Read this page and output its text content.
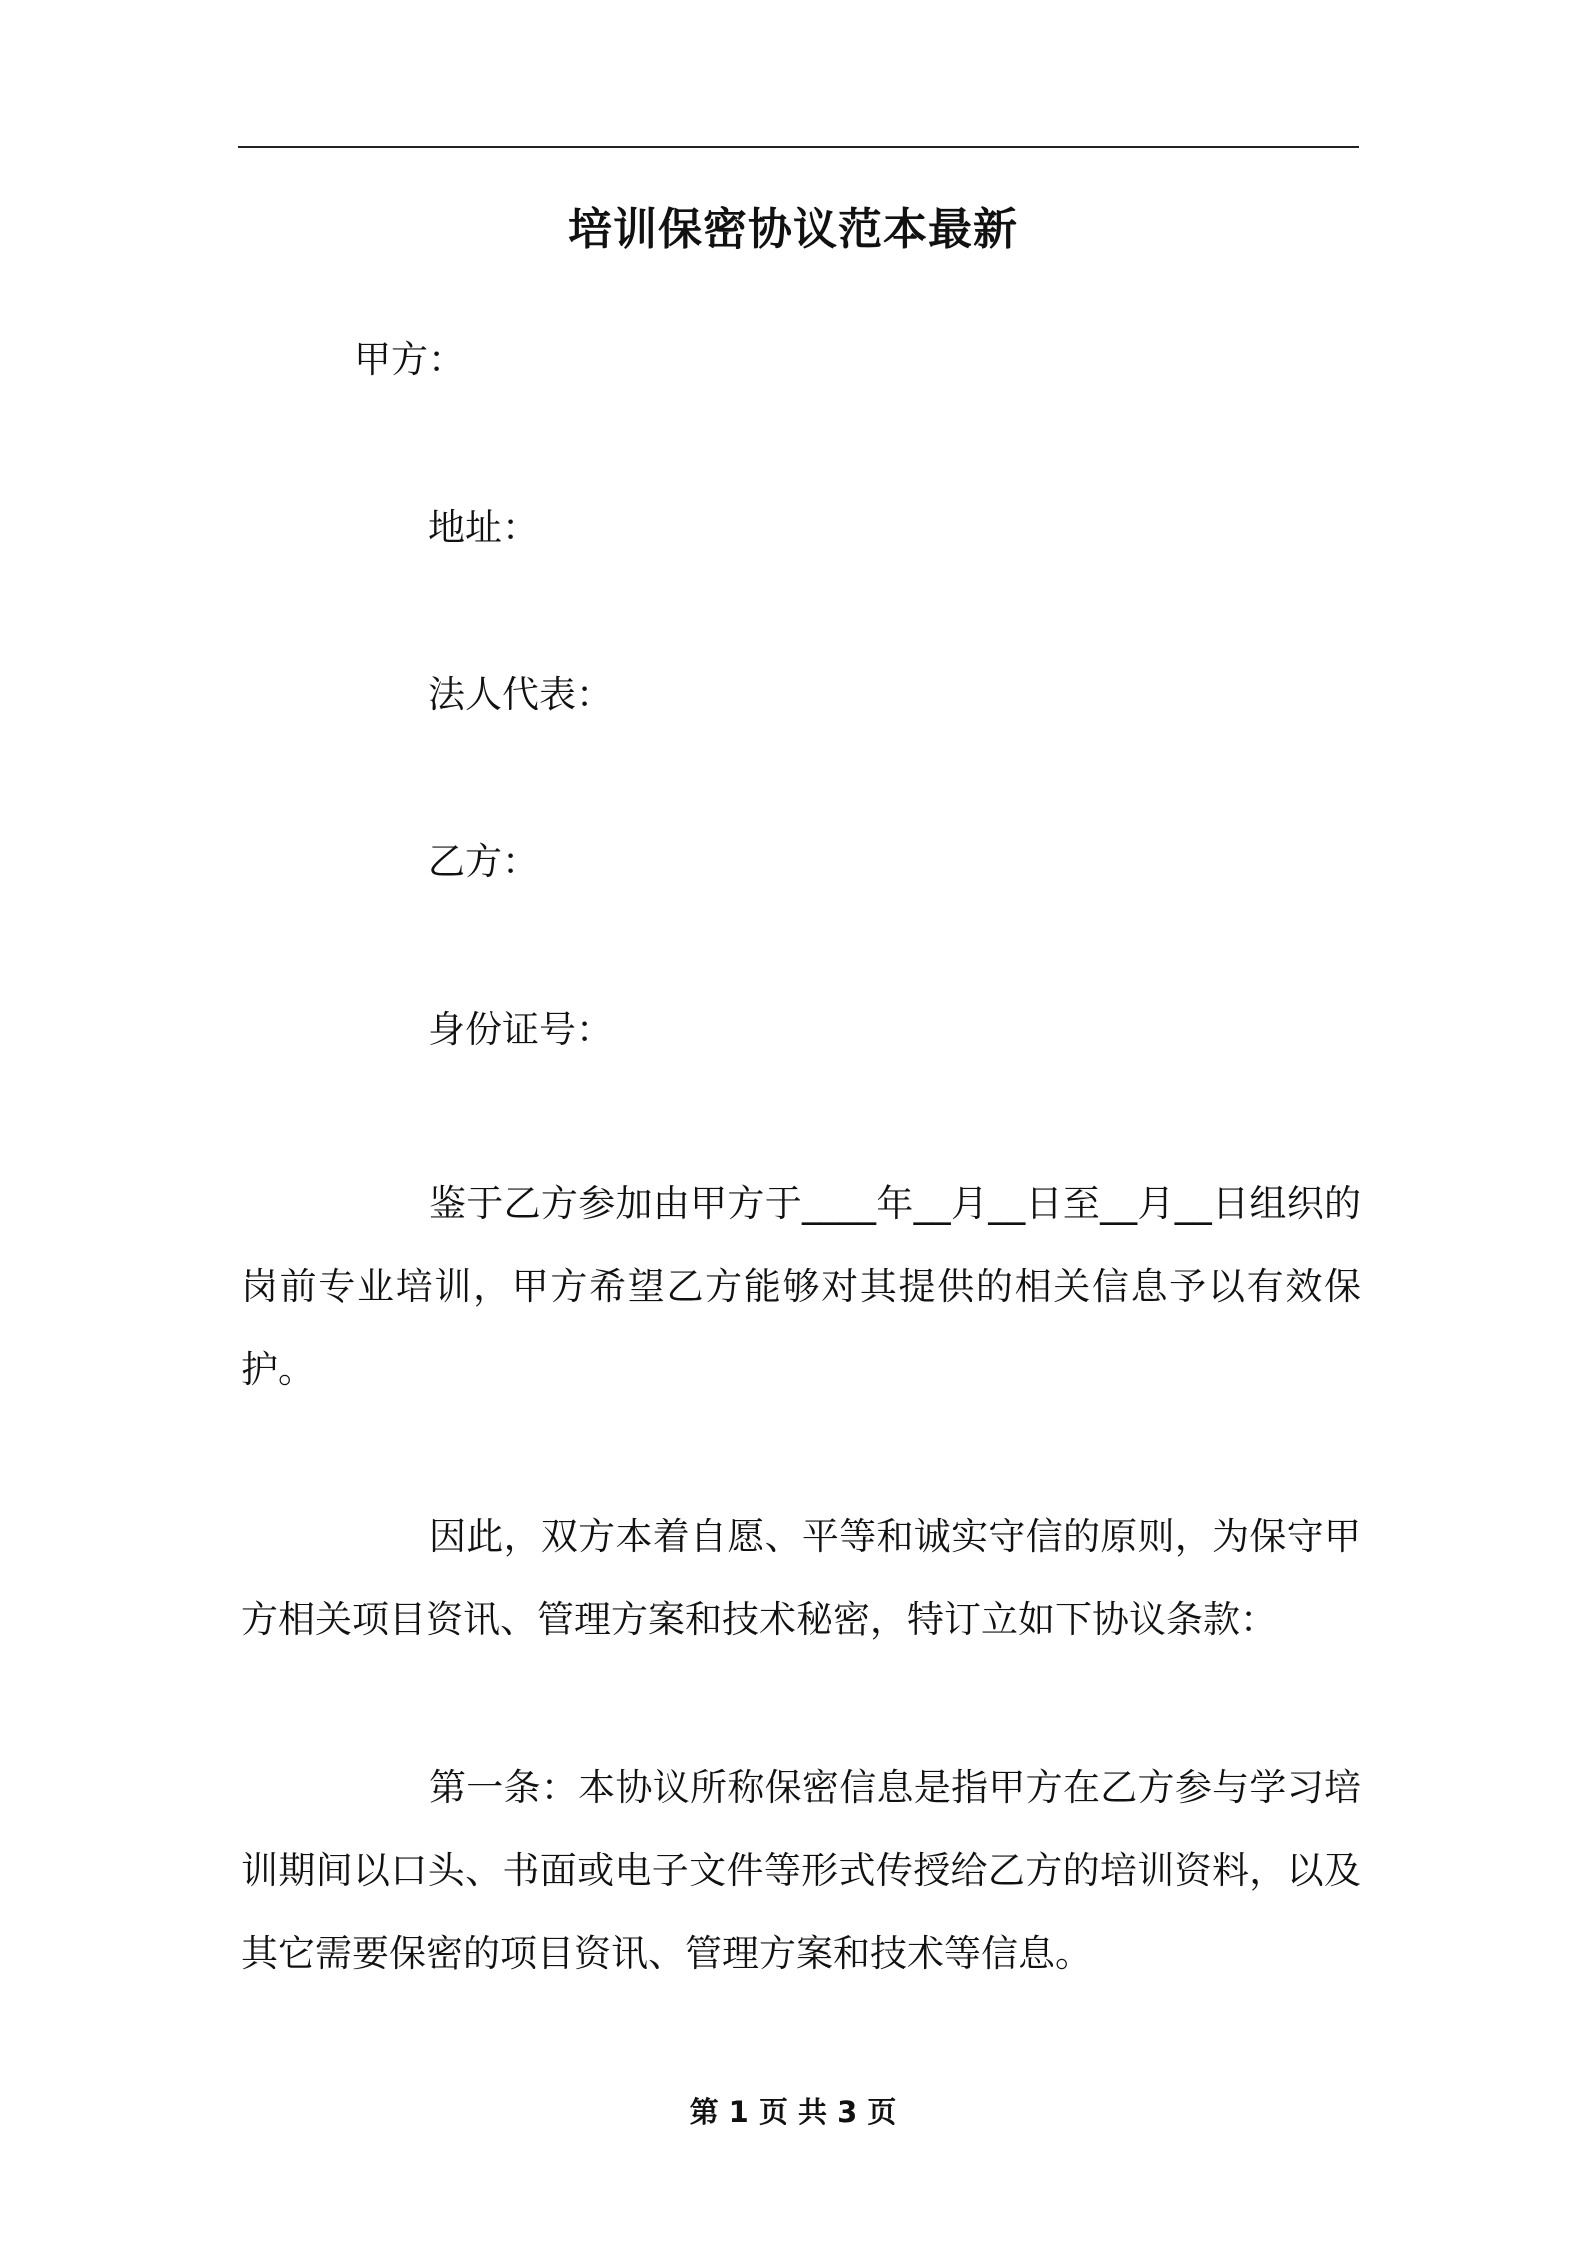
培训保密协议范本最新
甲方：
地址：
法人代表：
乙方：
身份证号：
鉴于乙方参加由甲方于____年__月__日至__月__日组织的岗前专业培训，甲方希望乙方能够对其提供的相关信息予以有效保护。
因此，双方本着自愿、平等和诚实守信的原则，为保守甲方相关项目资讯、管理方案和技术秘密，特订立如下协议条款：
第一条：本协议所称保密信息是指甲方在乙方参与学习培训期间以口头、书面或电子文件等形式传授给乙方的培训资料，以及其它需要保密的项目资讯、管理方案和技术等信息。
第 1 页 共 3 页
